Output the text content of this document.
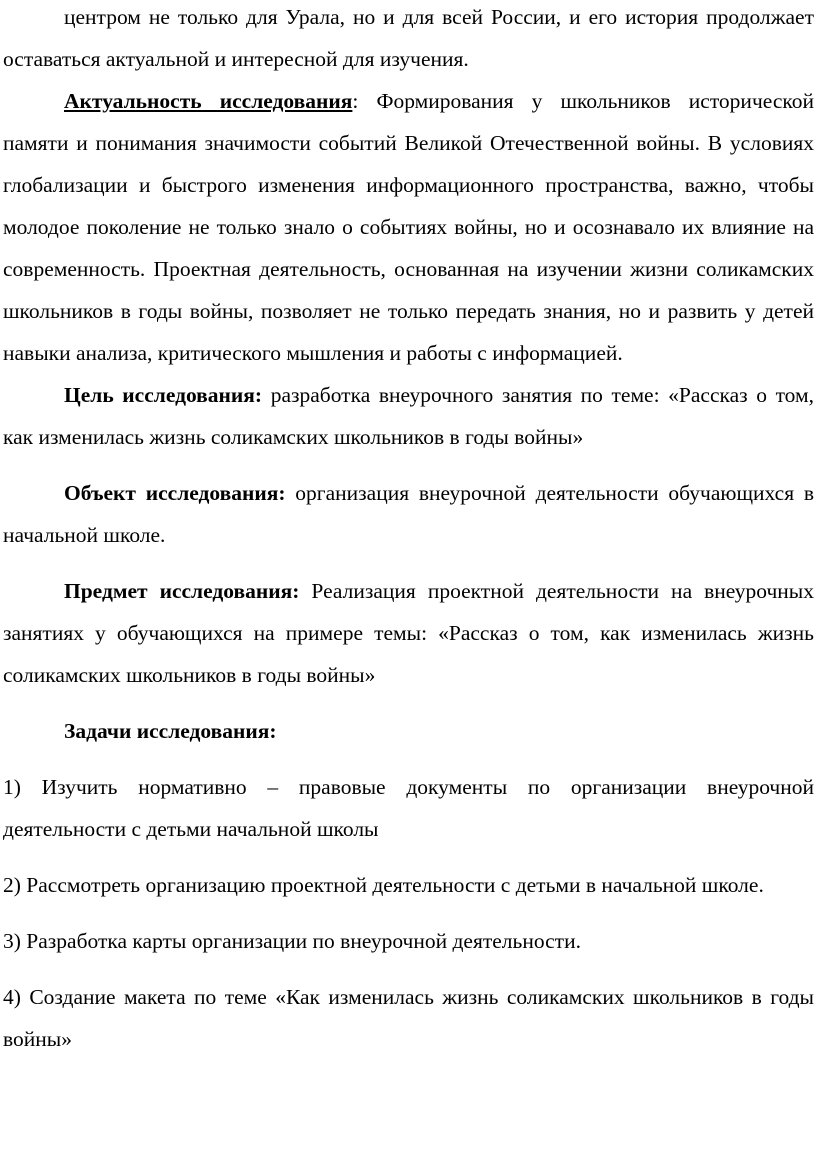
центром не только для Урала, но и для всей России, и его история продолжает оставаться актуальной и интересной для изучения.

Актуальность исследования: Формирования у школьников исторической памяти и понимания значимости событий Великой Отечественной войны. В условиях глобализации и быстрого изменения информационного пространства, важно, чтобы молодое поколение не только знало о событиях войны, но и осознавало их влияние на современность. Проектная деятельность, основанная на изучении жизни соликамских школьников в годы войны, позволяет не только передать знания, но и развить у детей навыки анализа, критического мышления и работы с информацией.

Цель исследования: разработка внеурочного занятия по теме: «Рассказ о том, как изменилась жизнь соликамских школьников в годы войны»

Объект исследования: организация внеурочной деятельности обучающихся в начальной школе.

Предмет исследования: Реализация проектной деятельности на внеурочных занятиях у обучающихся на примере темы: «Рассказ о том, как изменилась жизнь соликамских школьников в годы войны»

Задачи исследования:

1) Изучить нормативно – правовые документы по организации внеурочной деятельности с детьми начальной школы

2) Рассмотреть организацию проектной деятельности с детьми в начальной школе.

3) Разработка карты организации по внеурочной деятельности.

4) Создание макета по теме «Как изменилась жизнь соликамских школьников в годы войны»
